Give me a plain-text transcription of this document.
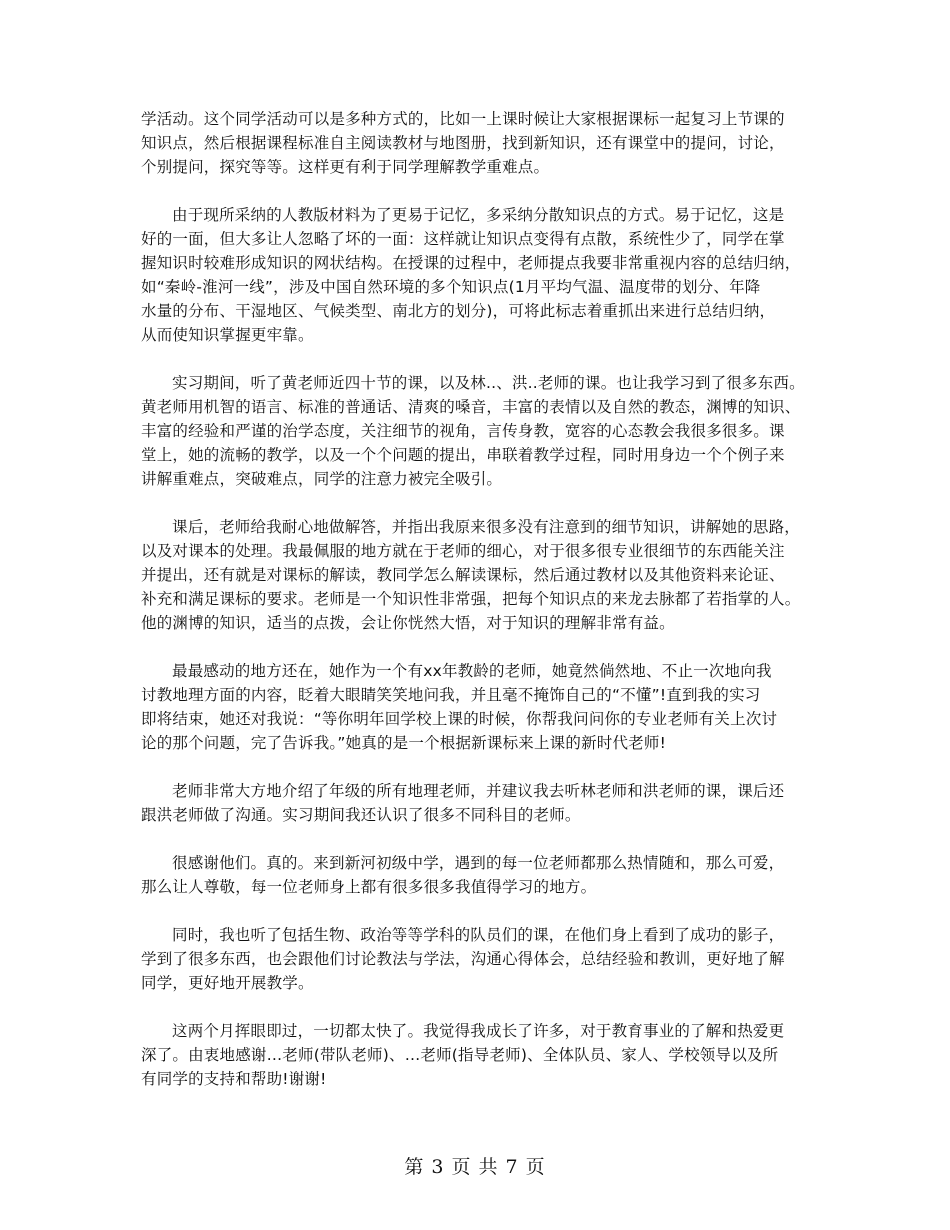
学活动。这个同学活动可以是多种方式的，比如一上课时候让大家根据课标一起复习上节课的
知识点，然后根据课程标准自主阅读教材与地图册，找到新知识，还有课堂中的提问，讨论，
个别提问，探究等等。这样更有利于同学理解教学重难点。
由于现所采纳的人教版材料为了更易于记忆，多采纳分散知识点的方式。易于记忆，这是
好的一面，但大多让人忽略了坏的一面：这样就让知识点变得有点散，系统性少了，同学在掌
握知识时较难形成知识的网状结构。在授课的过程中，老师提点我要非常重视内容的总结归纳，
如“秦岭-淮河一线”，涉及中国自然环境的多个知识点(1月平均气温、温度带的划分、年降
水量的分布、干湿地区、气候类型、南北方的划分)，可将此标志着重抓出来进行总结归纳，
从而使知识掌握更牢靠。
实习期间，听了黄老师近四十节的课，以及林..、洪..老师的课。也让我学习到了很多东西。
黄老师用机智的语言、标准的普通话、清爽的嗓音，丰富的表情以及自然的教态，渊博的知识、
丰富的经验和严谨的治学态度，关注细节的视角，言传身教，宽容的心态教会我很多很多。课
堂上，她的流畅的教学，以及一个个问题的提出，串联着教学过程，同时用身边一个个例子来
讲解重难点，突破难点，同学的注意力被完全吸引。
课后，老师给我耐心地做解答，并指出我原来很多没有注意到的细节知识，讲解她的思路，
以及对课本的处理。我最佩服的地方就在于老师的细心，对于很多很专业很细节的东西能关注
并提出，还有就是对课标的解读，教同学怎么解读课标，然后通过教材以及其他资料来论证、
补充和满足课标的要求。老师是一个知识性非常强，把每个知识点的来龙去脉都了若指掌的人。
他的渊博的知识，适当的点拨，会让你恍然大悟，对于知识的理解非常有益。
最最感动的地方还在，她作为一个有xx年教龄的老师，她竟然倘然地、不止一次地向我
讨教地理方面的内容，眨着大眼睛笑笑地问我，并且毫不掩饰自己的“不懂”!直到我的实习
即将结束，她还对我说：“等你明年回学校上课的时候，你帮我问问你的专业老师有关上次讨
论的那个问题，完了告诉我。”她真的是一个根据新课标来上课的新时代老师!
老师非常大方地介绍了年级的所有地理老师，并建议我去听林老师和洪老师的课，课后还
跟洪老师做了沟通。实习期间我还认识了很多不同科目的老师。
很感谢他们。真的。来到新河初级中学，遇到的每一位老师都那么热情随和，那么可爱，
那么让人尊敬，每一位老师身上都有很多很多我值得学习的地方。
同时，我也听了包括生物、政治等等学科的队员们的课，在他们身上看到了成功的影子，
学到了很多东西，也会跟他们讨论教法与学法，沟通心得体会，总结经验和教训，更好地了解
同学，更好地开展教学。
这两个月挥眼即过，一切都太快了。我觉得我成长了许多，对于教育事业的了解和热爱更
深了。由衷地感谢…老师(带队老师)、…老师(指导老师)、全体队员、家人、学校领导以及所
有同学的支持和帮助!谢谢!
第 3 页 共 7 页
